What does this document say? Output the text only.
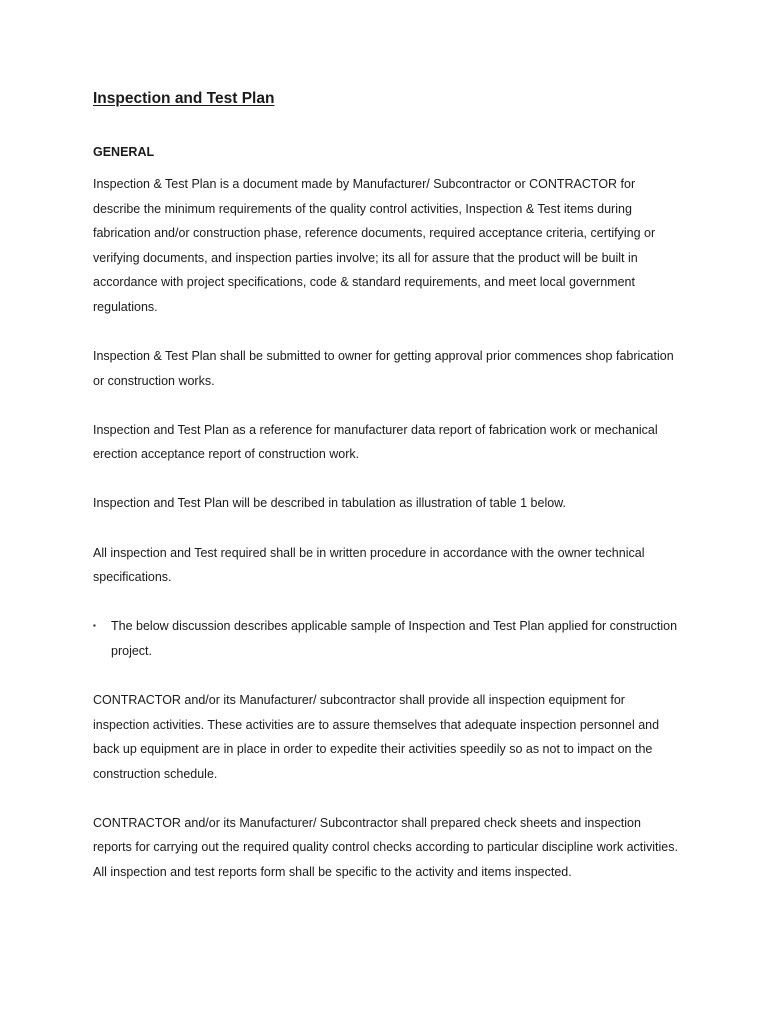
Inspection and Test Plan
GENERAL

Inspection & Test Plan is a document made by Manufacturer/ Subcontractor or CONTRACTOR for describe the minimum requirements of the quality control activities, Inspection & Test items during fabrication and/or construction phase, reference documents, required acceptance criteria, certifying or verifying documents, and inspection parties involve; its all for assure that the product will be built in accordance with project specifications, code & standard requirements, and meet local government regulations.

Inspection & Test Plan shall be submitted to owner for getting approval prior commences shop fabrication or construction works.

Inspection and Test Plan as a reference for manufacturer data report of fabrication work or mechanical erection acceptance report of construction work.

Inspection and Test Plan will be described in tabulation as illustration of table 1 below.

All inspection and Test required shall be in written procedure in accordance with the owner technical specifications.

▪ The below discussion describes applicable sample of Inspection and Test Plan applied for construction project.

CONTRACTOR and/or its Manufacturer/ subcontractor shall provide all inspection equipment for inspection activities. These activities are to assure themselves that adequate inspection personnel and back up equipment are in place in order to expedite their activities speedily so as not to impact on the construction schedule.

CONTRACTOR and/or its Manufacturer/ Subcontractor shall prepared check sheets and inspection reports for carrying out the required quality control checks according to particular discipline work activities. All inspection and test reports form shall be specific to the activity and items inspected.
